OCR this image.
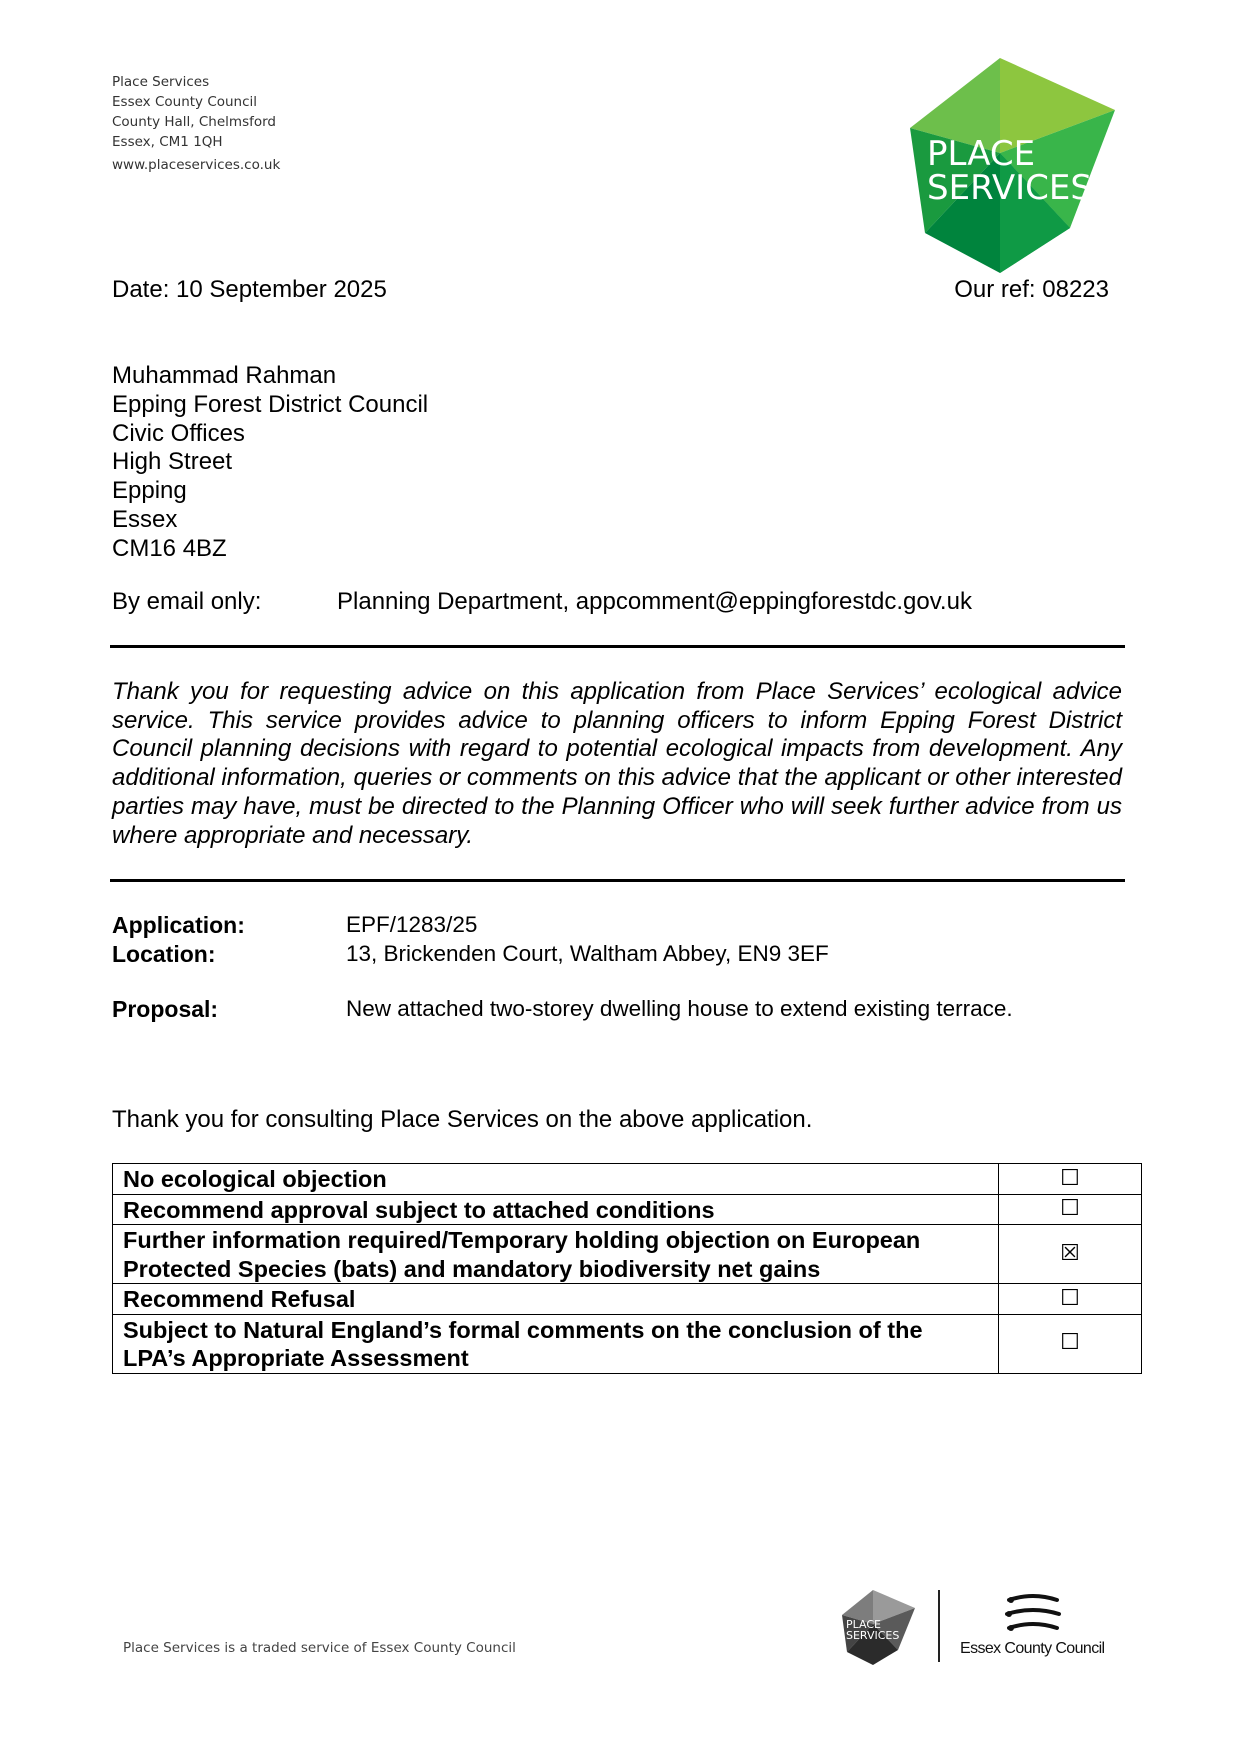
Place Services
Essex County Council
County Hall, Chelmsford
Essex, CM1 1QH
www.placeservices.co.uk	PLACE
SERVICES
Date: 10 September 2025	Our ref: 08223
Muhammad Rahman
Epping Forest District Council
Civic Offices
High Street
Epping
Essex
CM16 4BZ
By email only:	Planning Department, appcomment@eppingforestdc.gov.uk
Thank you for requesting advice on this application from Place Services’ ecological advice service. This service provides advice to planning officers to inform Epping Forest District Council planning decisions with regard to potential ecological impacts from development. Any additional information, queries or comments on this advice that the applicant or other interested parties may have, must be directed to the Planning Officer who will seek further advice from us where appropriate and necessary.
Application:	EPF/1283/25
Location:	13, Brickenden Court, Waltham Abbey, EN9 3EF
Proposal:	New attached two-storey dwelling house to extend existing terrace.
Thank you for consulting Place Services on the above application.
No ecological objection	☐
Recommend approval subject to attached conditions	☐
Further information required/Temporary holding objection on European Protected Species (bats) and mandatory biodiversity net gains	☒
Recommend Refusal	☐
Subject to Natural England’s formal comments on the conclusion of the LPA’s Appropriate Assessment	☐
Place Services is a traded service of Essex County Council
PLACE
SERVICES
Essex County Council
